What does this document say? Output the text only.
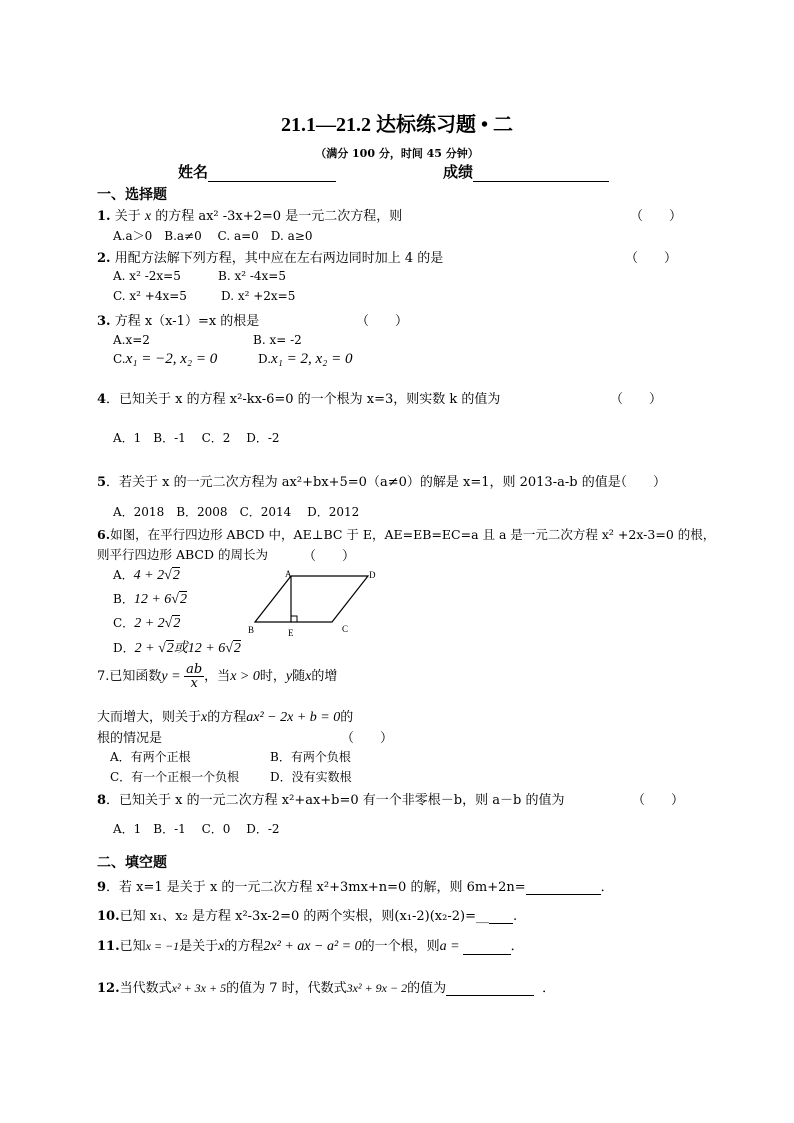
21.1—21.2 达标练习题 • 二
（满分 100 分，时间 45 分钟）
姓名	成绩
一、选择题
1. 关于 x 的方程 ax² -3x+2=0 是一元二次方程，则	（　　）
A.a＞0　B.a≠0　 C. a=0　D. a≥0
2. 用配方法解下列方程，其中应在左右两边同时加上 4 的是	（　　）
A. x² -2x=5	B. x² -4x=5
C. x² +4x=5	D. x² +2x=5
3. 方程 x（x-1）=x 的根是	（　　）
A.x=2	B. x= -2
C.x₁ = −2, x₂ = 0	D.x₁ = 2, x₂ = 0
4．已知关于 x 的方程 x²-kx-6=0 的一个根为 x=3，则实数 k 的值为	（　　）
A．1　B．-1　 C．2　 D．-2
5．若关于 x 的一元二次方程为 ax²+bx+5=0（a≠0）的解是 x=1，则 2013-a-b 的值是
（　　）
A．2018　B．2008　C．2014　 D．2012
6.如图，在平行四边形 ABCD 中，AE⊥BC 于 E，AE=EB=EC=a 且 a 是一元二次方程 x² +2x-3=0 的根，
则平行四边形 ABCD 的周长为	（　　）
A．4 + 2√2
B．12 + 6√2
C．2 + 2√2
D．2 + √2或12 + 6√2
A	D
B	E	C
7.已知函数$y = \frac{ab}{x}$ ，当x > 0时，y随x的增
大而增大，则关于x的方程ax² − 2x + b = 0的
根的情况是	（　　）
A．有两个正根	B．有两个负根
C．有一个正根一个负根	D．没有实数根
8．已知关于 x 的一元二次方程 x²+ax+b=0 有一个非零根－b，则 a－b 的值为	（　　）
A．1　B．-1　 C．0　 D．-2
二、填空题
9．若 x=1 是关于 x 的一元二次方程 x²+3mx+n=0 的解，则 6m+2n=	．
10.已知 x₁、x₂ 是方程 x²-3x-2=0 的两个实根，则(x₁-2)(x₂-2)=__ .
11.已知x = −1是关于x的方程2x² + ax − a² = 0的一个根，则a =	．
12.当代数式x² + 3x + 5的值为 7 时，代数式3x² + 9x − 2的值为	．
